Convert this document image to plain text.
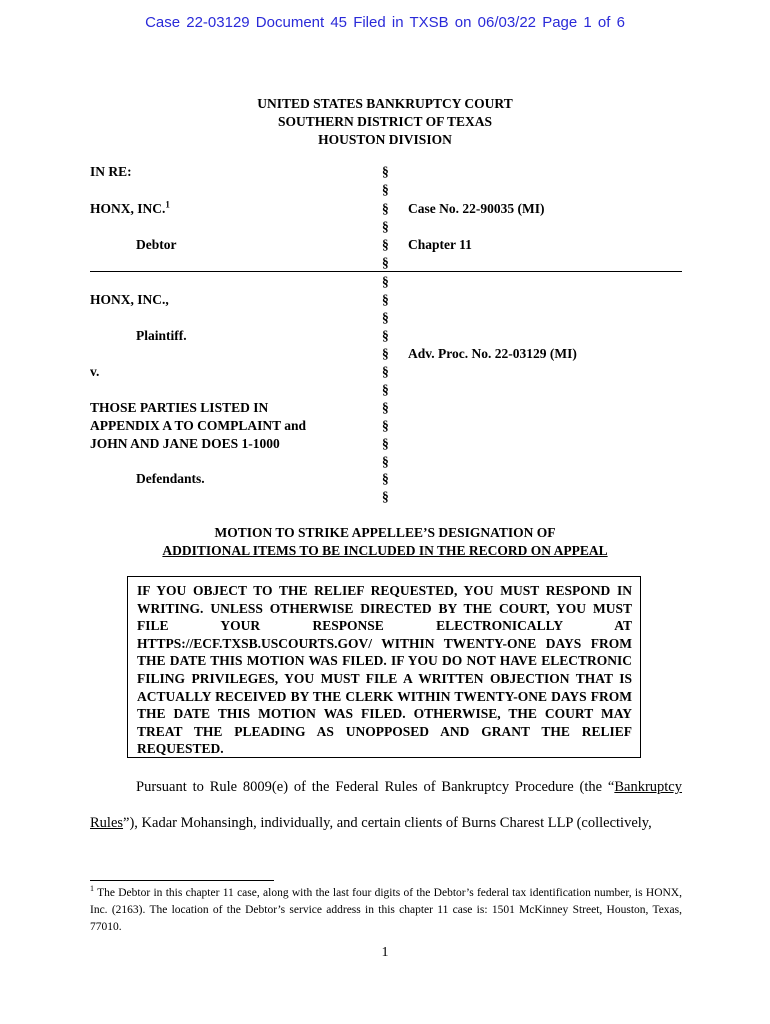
Case 22-03129 Document 45 Filed in TXSB on 06/03/22 Page 1 of 6
UNITED STATES BANKRUPTCY COURT
SOUTHERN DISTRICT OF TEXAS
HOUSTON DIVISION
IN RE:
HONX, INC.$^1$
Debtor
HONX, INC.,
Plaintiff.
v.
THOSE PARTIES LISTED IN
APPENDIX A TO COMPLAINT and
JOHN AND JANE DOES 1-1000
Defendants.
§
§
§
§
§
§
§
§
§
§
§
§
§
§
§
§
§
§
§
Case No. 22-90035 (MI)
Chapter 11
Adv. Proc. No. 22-03129 (MI)
MOTION TO STRIKE APPELLEE’S DESIGNATION OF
ADDITIONAL ITEMS TO BE INCLUDED IN THE RECORD ON APPEAL
IF YOU OBJECT TO THE RELIEF REQUESTED, YOU MUST RESPOND IN WRITING. UNLESS OTHERWISE DIRECTED BY THE COURT, YOU MUST FILE YOUR RESPONSE ELECTRONICALLY AT HTTPS://ECF.TXSB.USCOURTS.GOV/ WITHIN TWENTY-ONE DAYS FROM THE DATE THIS MOTION WAS FILED. IF YOU DO NOT HAVE ELECTRONIC FILING PRIVILEGES, YOU MUST FILE A WRITTEN OBJECTION THAT IS ACTUALLY RECEIVED BY THE CLERK WITHIN TWENTY-ONE DAYS FROM THE DATE THIS MOTION WAS FILED. OTHERWISE, THE COURT MAY TREAT THE PLEADING AS UNOPPOSED AND GRANT THE RELIEF REQUESTED.
Pursuant to Rule 8009(e) of the Federal Rules of Bankruptcy Procedure (the “Bankruptcy
Rules”), Kadar Mohansingh, individually, and certain clients of Burns Charest LLP (collectively,
$^1$ The Debtor in this chapter 11 case, along with the last four digits of the Debtor’s federal tax identification number, is HONX, Inc. (2163). The location of the Debtor’s service address in this chapter 11 case is: 1501 McKinney Street, Houston, Texas, 77010.
1
